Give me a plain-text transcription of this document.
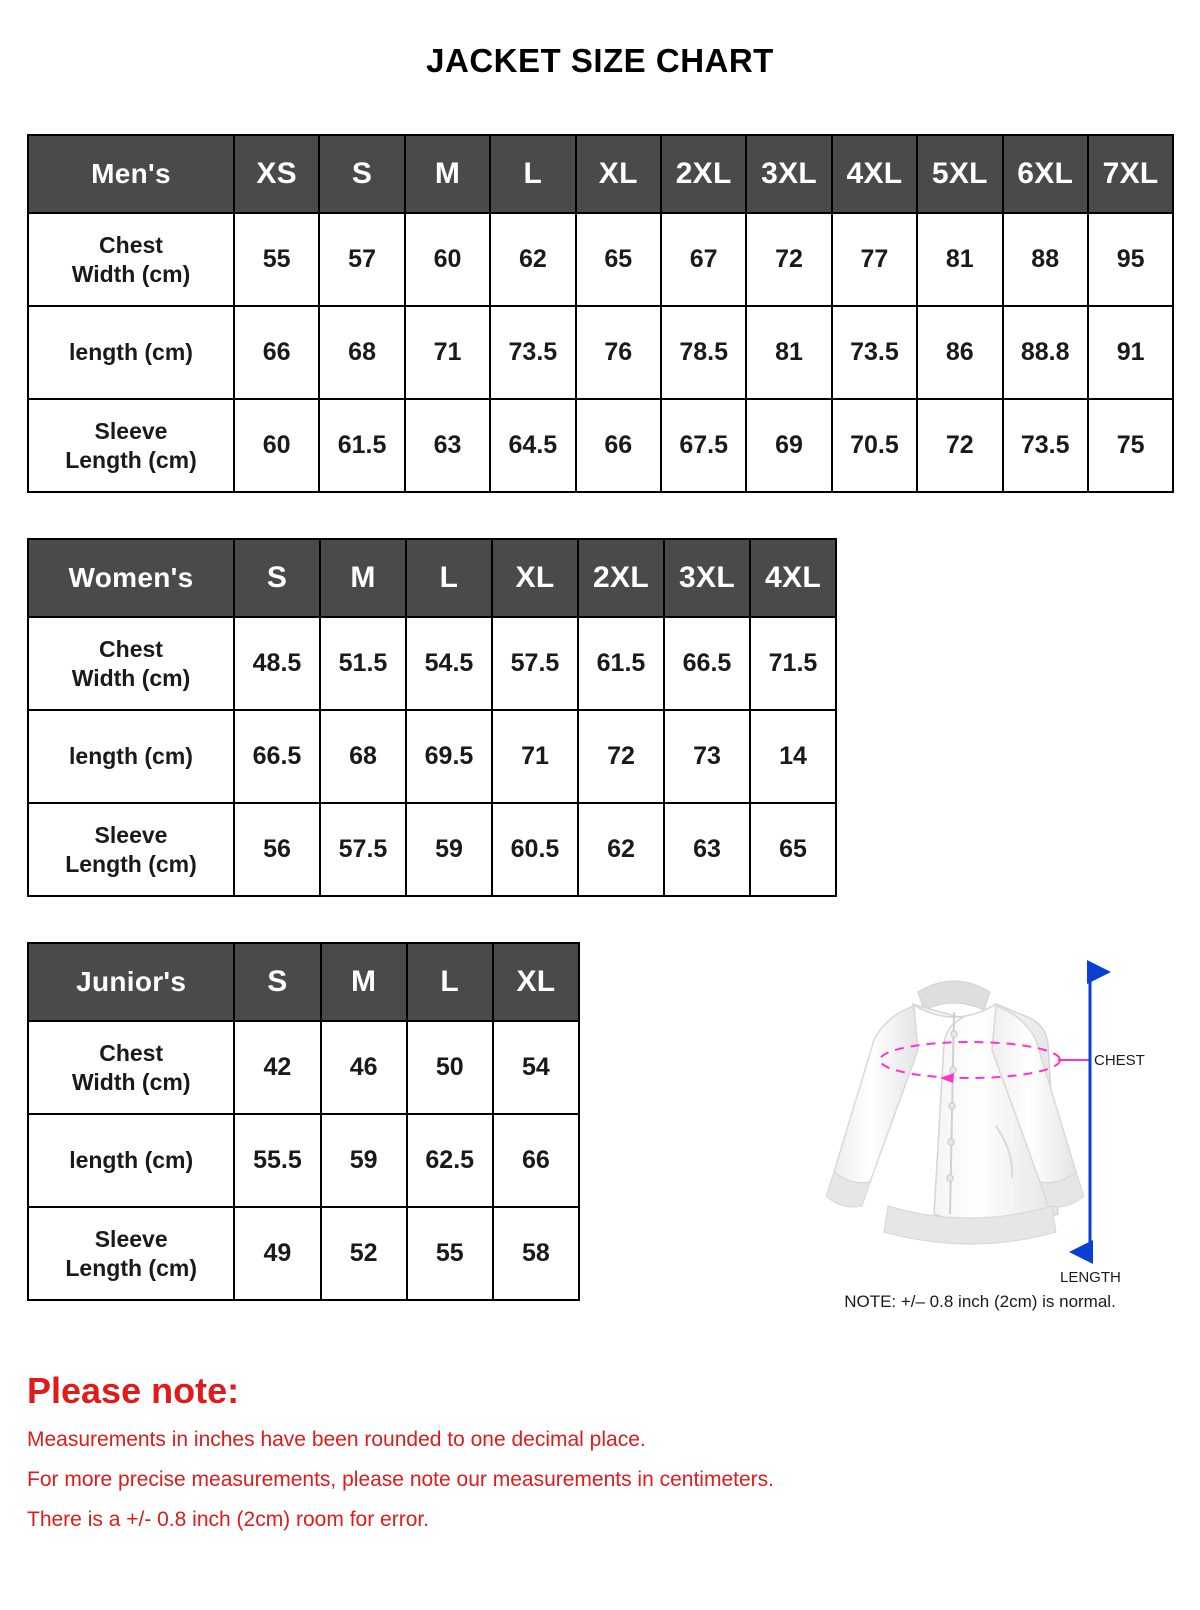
JACKET SIZE CHART
Men's	XS	S	M	L	XL	2XL	3XL	4XL	5XL	6XL	7XL
Chest
Width (cm)	55	57	60	62	65	67	72	77	81	88	95
length (cm)	66	68	71	73.5	76	78.5	81	73.5	86	88.8	91
Sleeve
Length (cm)	60	61.5	63	64.5	66	67.5	69	70.5	72	73.5	75
Women's	S	M	L	XL	2XL	3XL	4XL
Chest
Width (cm)	48.5	51.5	54.5	57.5	61.5	66.5	71.5
length (cm)	66.5	68	69.5	71	72	73	14
Sleeve
Length (cm)	56	57.5	59	60.5	62	63	65
Junior's	S	M	L	XL
Chest
Width (cm)	42	46	50	54
length (cm)	55.5	59	62.5	66
Sleeve
Length (cm)	49	52	55	58
CHEST
LENGTH
NOTE: +/– 0.8 inch (2cm) is normal.
Please note:

Measurements in inches have been rounded to one decimal place.

For more precise measurements, please note our measurements in centimeters.

There is a +/- 0.8 inch (2cm) room for error.
